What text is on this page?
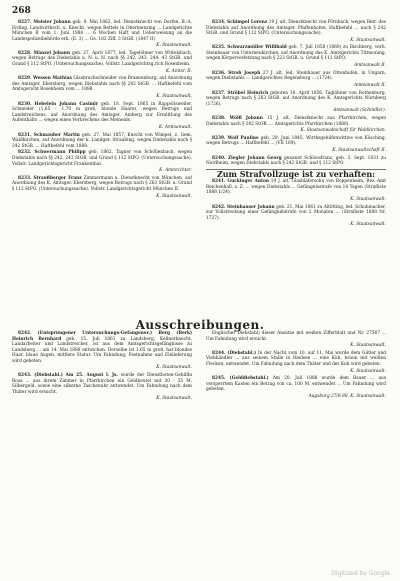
268

8227. Meister Johann geb. 9. Mai 1862, led. Dienstknecht von Dorfen, B.-A. Erding, Landwirthsch. u. Knecht, wegen Bettels in Obermenzing ... Landgerichte München II vom 1. Juni 1888 ... 6 Wochen Haft und Ueberweisung an die Landespolizeibehörde erk. (E. 3) ... Gs. 182 Ziff. 3 StGB. (1847 II)

K. Staatsanwalt.

8228. Mänzel Johann geb. 27. April 1877, led. Tagelöhner von Wittelsbach, wegen Betrugs des Diebstahls u. N. u. N. nach §§ 242, 243, 244, 43 StGB. und Grund § 112 StPO. (Untersuchungssache). Vollstr. Landgerichtsg.rich Rosenheim.

K. Amtsr. II.

8229. Wessen Mathias Glasbruchschneider von Brannenburg, auf Anordnung des Amtsger. Ebersberg, wegen Diebstahls nach §§ 242 StGB. ... Haftbefehl vom Amtsgericht Rosenheim vom ... 1888.

K. Staatsanwalt.

8230. Hebelein Johann Casimir geb. 18. Sept. 1865 in Rappoltsweiler, Schneider (1.65 - 1.70 m groß, blonde Haare), wegen Betrugs und Landstreichens, auf Anordnung des Amtsger. Amberg zur Ermittlung des Aufenthalts ... wegen eines Verbrechens des Meineids.

K. Amtsanwalt.

8231. Schmauber Martin geb. 27. Mai 1857, Knecht von Wimpel, z. Gem. Waldkirchen, auf Anordnung der k. Landger. Straubing, wegen Diebstahls nach § 242 StGB. ... Haftbefehl vom 1888.

8232. Schwermann Philipp geb. 1862, Tagner von Schöllenbach, wegen Diebstahls nach §§ 242, 243 StGB. und Grund § 112 StPO. (Untersuchungssache). Vollstr. Landgerichtsgericht Frankenthal.

K. Amtsrichter.

8233. Straußberger Franz Zimmermann u. Dienstknecht von München, auf Anordnung des K. Amtsger. Ebersberg, wegen Betrugs nach § 263 StGB. u. Grund § 112 StPO. (Untersuchungssache). Vollstr. Landgerichtsgericht München II.

K. Staatsanwalt.

8234. Schimpel Lorenz 19 J. alt, Dienstknecht von Pörnbach, wegen Betr. des Diebstahls auf Anordnung des Amtsger. Pfaffenhofen, Haftbefehl ... nach § 242 StGB. und Grund § 112 StPO. (Untersuchungssache).

K. Staatsanwalt.

8235. Schwarzmüller Willibald geb. 7. Juli 1858 (1860) zu Bischberg, verh. Steinhauer von Unterneukirchen, auf Anordnung des K. Amtsgerichts Tittmoning, wegen Körperverletzung nach § 223 StGB. u. Grund § 112 StPO.

Amtsanwalt II.

8236. Stroh Joseph 27 J. alt, led. Steinhauer aus Ottenhofen, in Ungarn, wegen Diebstahls ... Landgerichtes Regensburg ... (1724).

Amtsanwalt II.

8237. Ströbel Heinrich geboren 16. April 1856, Taglöhner von Rothenburg, wegen Betrugs nach § 263 StGB. auf Anordnung des K. Amtsgerichts Nürnberg (1726).

Amtsanwalt (Schindler).

8238. Wölfl Johann 15 J. alt, Dienstknecht aus Pfarrkirchen, wegen Diebstahls nach § 242 StGB. ... Amtsgerichts Pfarrkirchen (1888).

K. Staatsanwaltschaft für Waldkirchen.

8239. Wolf Pauline geb. 29. Juni 1845, Wirthsgehilfenwittwe von Kösching, wegen Betrugs ... Haftbefehl ... (VII 169).

K. Staatsanwaltschaft II.

8240. Ziegler Johann Georg genannt Schlossfranz, geb. 3. Sept. 1831 zu Nordheim, wegen Diebstahls nach § 242 StGB. und § 112 StPO.

Zum Strafvollzuge ist zu verhaften:

8241. Guckinger Anton 19 J. alt, Glasbläfersohn von Roppenheim, Bez.-Amt Reichenhall, z. Z. ... wegen Diebstahls ... Gefängnisstrafe von 14 Tagen (Strafliste 1888 1/24).

K. Staatsanwalt.

8242. Steinhauser Johann geb. 21. Mai 1861 zu Altötting, led. Schuhmacher, zur Vollstreckung einer Gefängnißstrafe von 2 Monaten ... (Strafliste 1888 Nr. 1727).

K. Staatsanwalt.
Ausschreibungen.

8242. (Entsprungener Untersuchungs-Gefangener.) Berg (Berk) Heinrich Bernhard geb. 15. Juli 1861 zu Landsberg, Kellnerknecht, Landarbeiter und Landstreicher, ist aus dem Amtsgerichtsgefängnisse zu Landsberg ... am 14. Mai 1888 entwichen. Derselbe ist 1.65 m groß, hat blondes Haar, blaue Augen, mittlere Statur. Um Fahndung, Festnahme und Einlieferung wird gebeten.

K. Staatsanwalt.

8243. (Diebstahl.) Am 25. August l. Js. wurde der Dienstboten-Gehilfin Rosa ... aus ihrem Zimmer in Pfarrkirchen ein Geldbeutel mit 30 - 35 M. Silbergeld, sowie eine silberne Taschenuhr entwendet. Um Fahndung nach dem Thäter wird ersucht.

K. Staatsanwalt.

Englischer Diebstahl) dieser Ansätze mit weißen Zifferblatt und Nr. 27567 ... Um Fahndung wird ersucht.

K. Staatsanwalt.

8244. (Diebstahl.) In der Nacht vom 10. auf 11. Mai wurde dem Gütler und Viehhändler ... aus seinem Stalle in Riedsee ... eine Kuh, braun mit weißen Flecken, entwendet. Um Fahndung nach dem Thäter und der Kuh wird gebeten.

K. Staatsanwalt.

8245. (Gelddiebstahl.) Am 20. Juli 1888 wurde dem Bauer ... aus versperrtem Kasten ein Betrag von ca. 100 M. entwendet ... Um Fahndung wird gebeten.

Augsburg 27/8 88. K. Staatsanwalt.
Digitized by Google
